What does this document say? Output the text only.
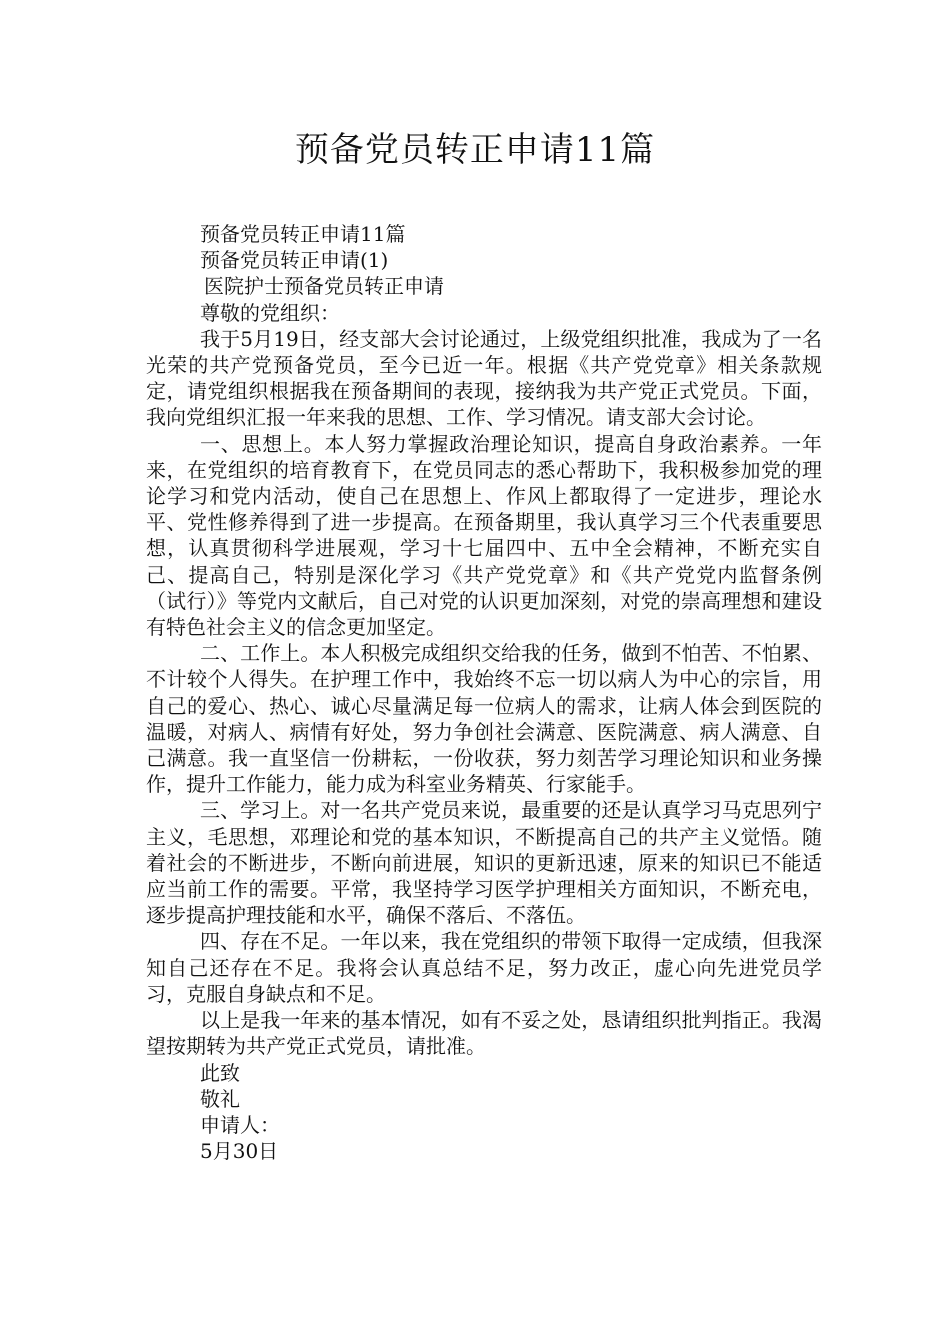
预备党员转正申请11篇
预备党员转正申请11篇
预备党员转正申请(1)
医院护士预备党员转正申请
尊敬的党组织：

我于5月19日，经支部大会讨论通过，上级党组织批准，我成为了一名光荣的共产党预备党员，至今已近一年。根据《共产党党章》相关条款规定，请党组织根据我在预备期间的表现，接纳我为共产党正式党员。下面，我向党组织汇报一年来我的思想、工作、学习情况。请支部大会讨论。

一、思想上。本人努力掌握政治理论知识，提高自身政治素养。一年来，在党组织的培育教育下，在党员同志的悉心帮助下，我积极参加党的理论学习和党内活动，使自己在思想上、作风上都取得了一定进步，理论水平、党性修养得到了进一步提高。在预备期里，我认真学习三个代表重要思想，认真贯彻科学进展观，学习十七届四中、五中全会精神，不断充实自己、提高自己，特别是深化学习《共产党党章》和《共产党党内监督条例（试行）》等党内文献后，自己对党的认识更加深刻，对党的崇高理想和建设有特色社会主义的信念更加坚定。

二、工作上。本人积极完成组织交给我的任务，做到不怕苦、不怕累、不计较个人得失。在护理工作中，我始终不忘一切以病人为中心的宗旨，用自己的爱心、热心、诚心尽量满足每一位病人的需求，让病人体会到医院的温暖，对病人、病情有好处，努力争创社会满意、医院满意、病人满意、自己满意。我一直坚信一份耕耘，一份收获，努力刻苦学习理论知识和业务操作，提升工作能力，能力成为科室业务精英、行家能手。

三、学习上。对一名共产党员来说，最重要的还是认真学习马克思列宁主义，毛思想，邓理论和党的基本知识，不断提高自己的共产主义觉悟。随着社会的不断进步，不断向前进展，知识的更新迅速，原来的知识已不能适应当前工作的需要。平常，我坚持学习医学护理相关方面知识，不断充电，逐步提高护理技能和水平，确保不落后、不落伍。

四、存在不足。一年以来，我在党组织的带领下取得一定成绩，但我深知自己还存在不足。我将会认真总结不足，努力改正，虚心向先进党员学习，克服自身缺点和不足。

以上是我一年来的基本情况，如有不妥之处，恳请组织批判指正。我渴望按期转为共产党正式党员，请批准。

此致
敬礼
申请人：
5月30日
